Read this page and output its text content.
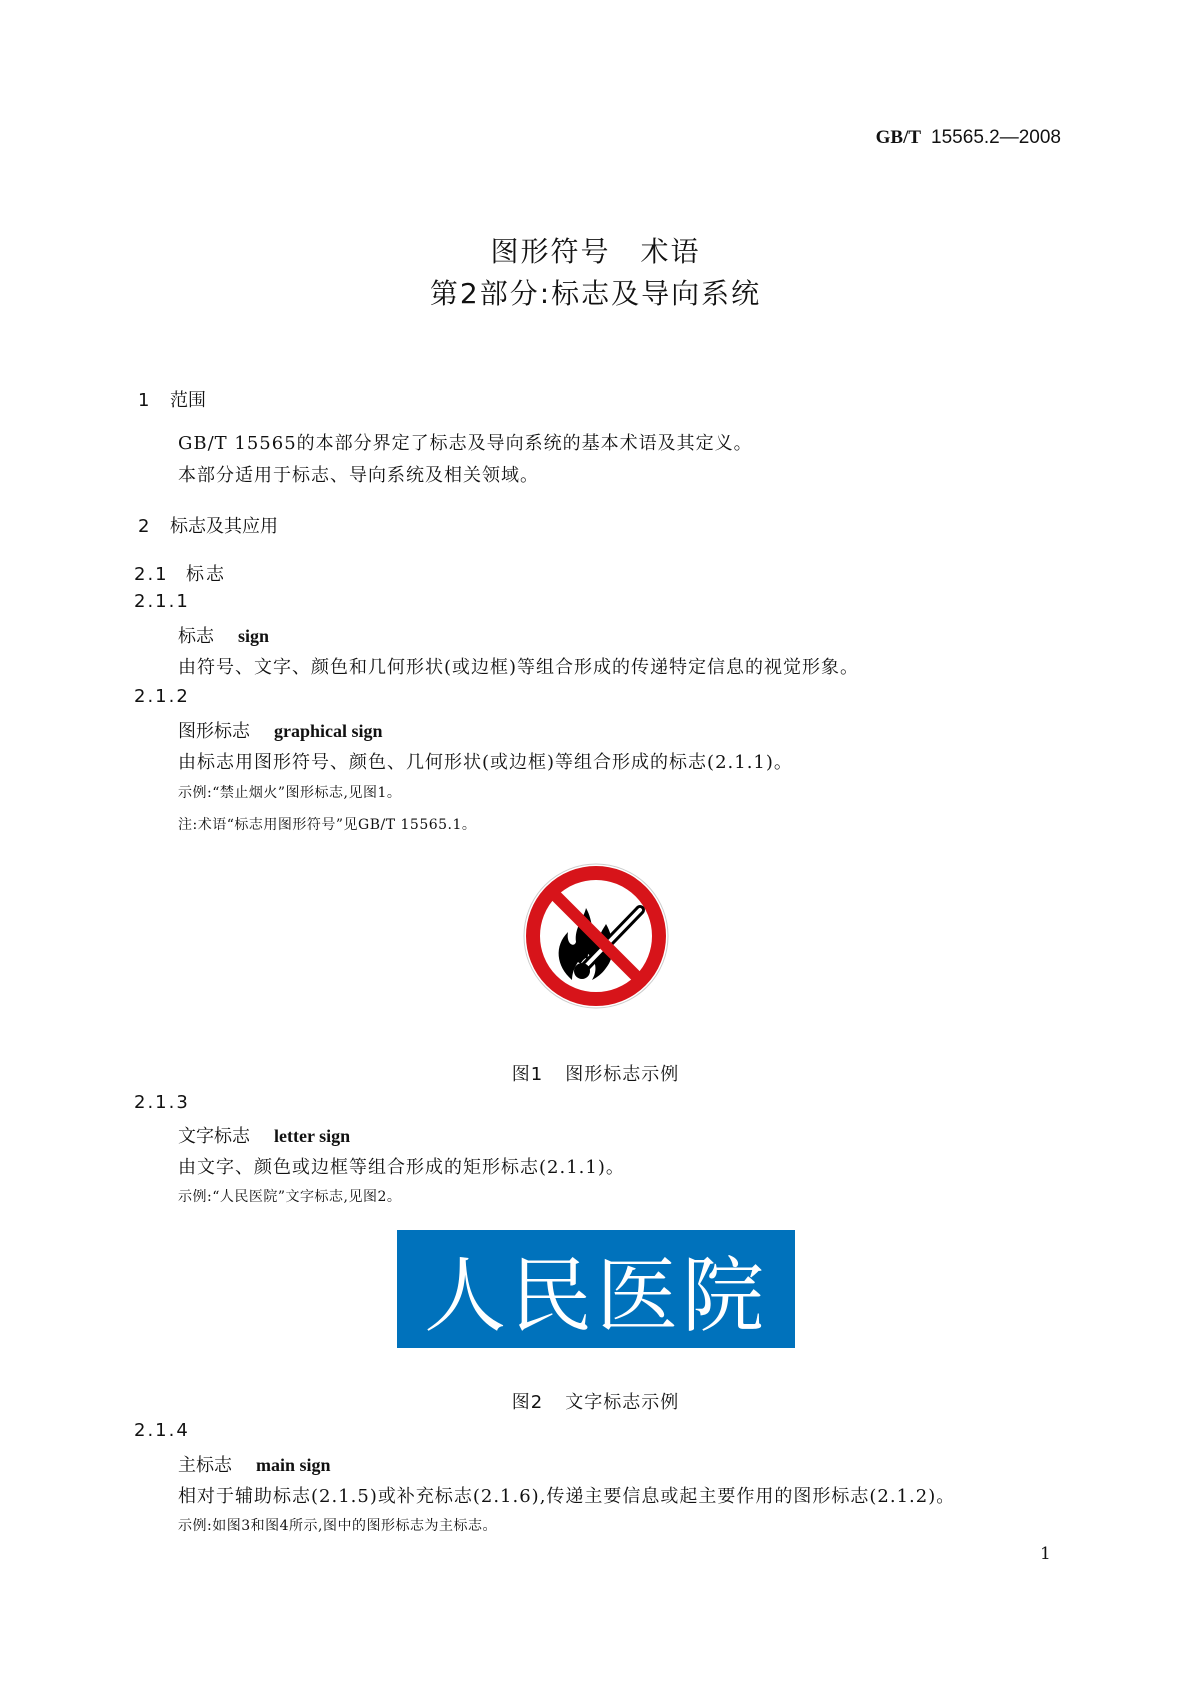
GB/T 15565.2—2008
图形符号　术语
第2部分:标志及导向系统
1 范围
GB/T 15565的本部分界定了标志及导向系统的基本术语及其定义。
本部分适用于标志、导向系统及相关领域。
2 标志及其应用
2.1 标志
2.1.1
标志 sign
由符号、文字、颜色和几何形状(或边框)等组合形成的传递特定信息的视觉形象。
2.1.2
图形标志 graphical sign
由标志用图形符号、颜色、几何形状(或边框)等组合形成的标志(2.1.1)。
示例:“禁止烟火”图形标志,见图1。
注:术语“标志用图形符号”见GB/T 15565.1。
图1 图形标志示例
2.1.3
文字标志 letter sign
由文字、颜色或边框等组合形成的矩形标志(2.1.1)。
示例:“人民医院”文字标志,见图2。
人民医院
图2 文字标志示例
2.1.4
主标志 main sign
相对于辅助标志(2.1.5)或补充标志(2.1.6),传递主要信息或起主要作用的图形标志(2.1.2)。
示例:如图3和图4所示,图中的图形标志为主标志。
1
